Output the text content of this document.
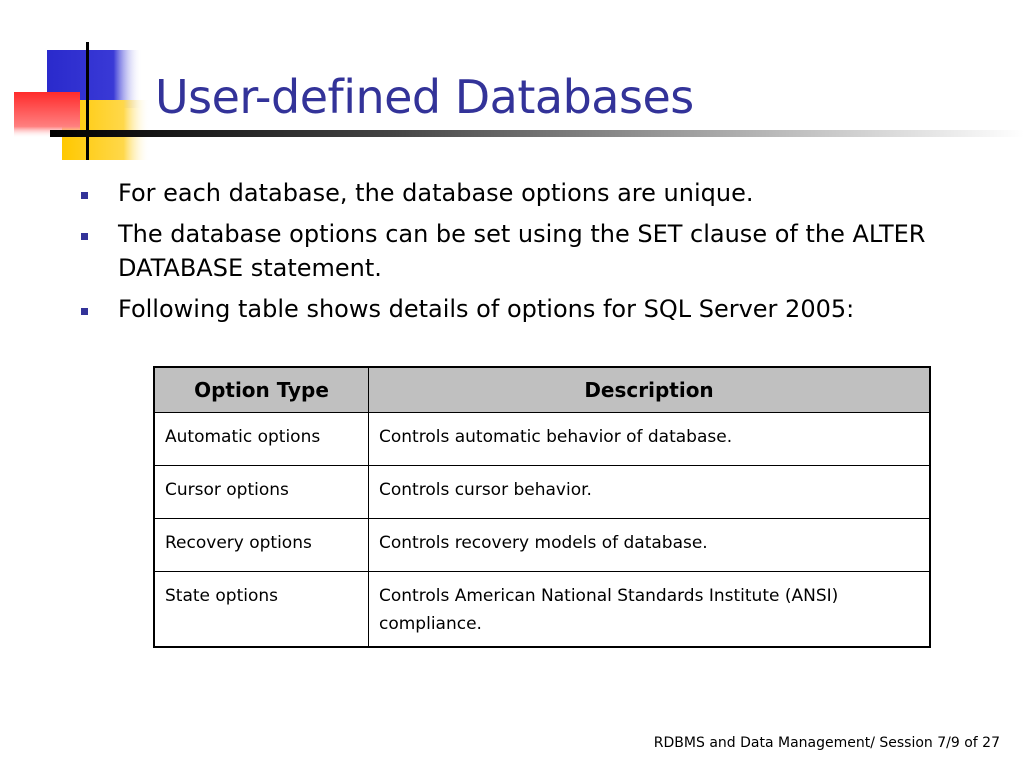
User-defined Databases
For each database, the database options are unique.
The database options can be set using the SET clause of the ALTER DATABASE statement.
Following table shows details of options for SQL Server 2005:
Option Type	Description
Automatic options	Controls automatic behavior of database.
Cursor options	Controls cursor behavior.
Recovery options	Controls recovery models of database.
State options	Controls American National Standards Institute (ANSI) compliance.
RDBMS and Data Management/ Session 7/9 of 27
